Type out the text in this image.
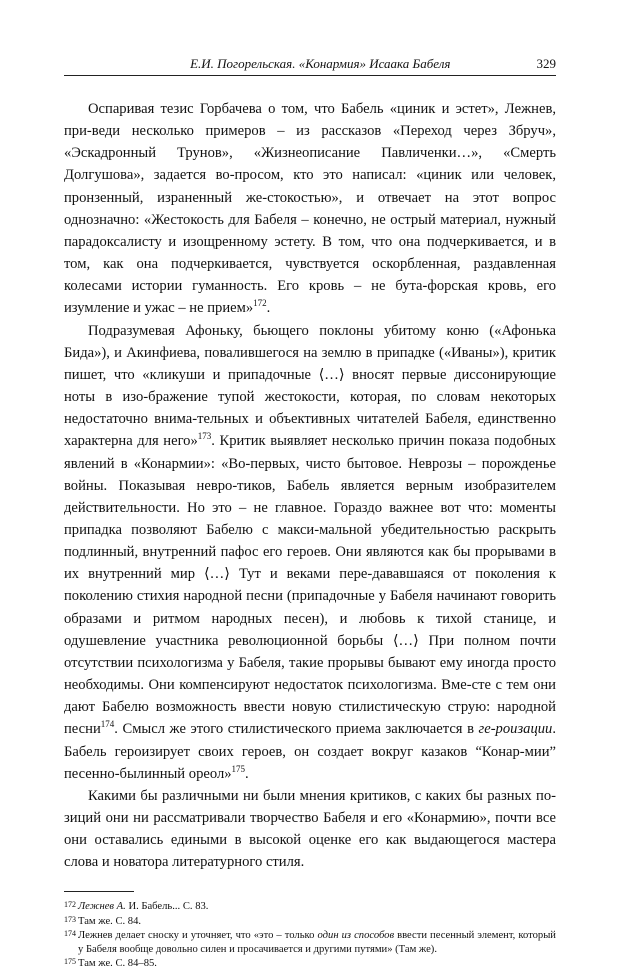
Е.И. Погорельская. «Конармия» Исаака Бабеля	329

Оспаривая тезис Горбачева о том, что Бабель «циник и эстет», Лежнев, при-веди несколько примеров – из рассказов «Переход через Збруч», «Эскадронный Трунов», «Жизнеописание Павличенки…», «Смерть Долгушова», задается во-просом, кто это написал: «циник или человек, пронзенный, израненный же-стокостью», и отвечает на этот вопрос однозначно: «Жестокость для Бабеля – конечно, не острый материал, нужный парадоксалисту и изощренному эстету. В том, что она подчеркивается, и в том, как она подчеркивается, чувствуется оскорбленная, раздавленная колесами истории гуманность. Его кровь – не бута-форская кровь, его изумление и ужас – не прием»$^{172}$.

Подразумевая Афоньку, бьющего поклоны убитому коню («Афонька Бида»), и Акинфиева, повалившегося на землю в припадке («Иваны»), критик пишет, что «кликуши и припадочные ⟨…⟩ вносят первые диссонирующие ноты в изо-бражение тупой жестокости, которая, по словам некоторых недостаточно внима-тельных и объективных читателей Бабеля, единственно характерна для него»$^{173}$. Критик выявляет несколько причин показа подобных явлений в «Конармии»: «Во-первых, чисто бытовое. Неврозы – порожденье войны. Показывая невро-тиков, Бабель является верным изобразителем действительности. Но это – не главное. Гораздо важнее вот что: моменты припадка позволяют Бабелю с макси-мальной убедительностью раскрыть подлинный, внутренний пафос его героев. Они являются как бы прорывами в их внутренний мир ⟨…⟩ Тут и веками пере-дававшаяся от поколения к поколению стихия народной песни (припадочные у Бабеля начинают говорить образами и ритмом народных песен), и любовь к тихой станице, и одушевление участника революционной борьбы ⟨…⟩ При полном почти отсутствии психологизма у Бабеля, такие прорывы бывают ему иногда просто необходимы. Они компенсируют недостаток психологизма. Вме-сте с тем они дают Бабелю возможность ввести новую стилистическую струю: народной песни$^{174}$. Смысл же этого стилистического приема заключается в ге-роизации. Бабель героизирует своих героев, он создает вокруг казаков “Конар-мии” песенно-былинный ореол»$^{175}$.

Какими бы различными ни были мнения критиков, с каких бы разных по-зиций они ни рассматривали творчество Бабеля и его «Конармию», почти все они оставались едиными в высокой оценке его как выдающегося мастера слова и новатора литературного стиля.

172 Лежнев А. И. Бабель... С. 83.
173 Там же. С. 84.
174 Лежнев делает сноску и уточняет, что «это – только один из способов ввести песенный элемент, который у Бабеля вообще довольно силен и просачивается и другими путями» (Там же).
175 Там же. С. 84–85.
